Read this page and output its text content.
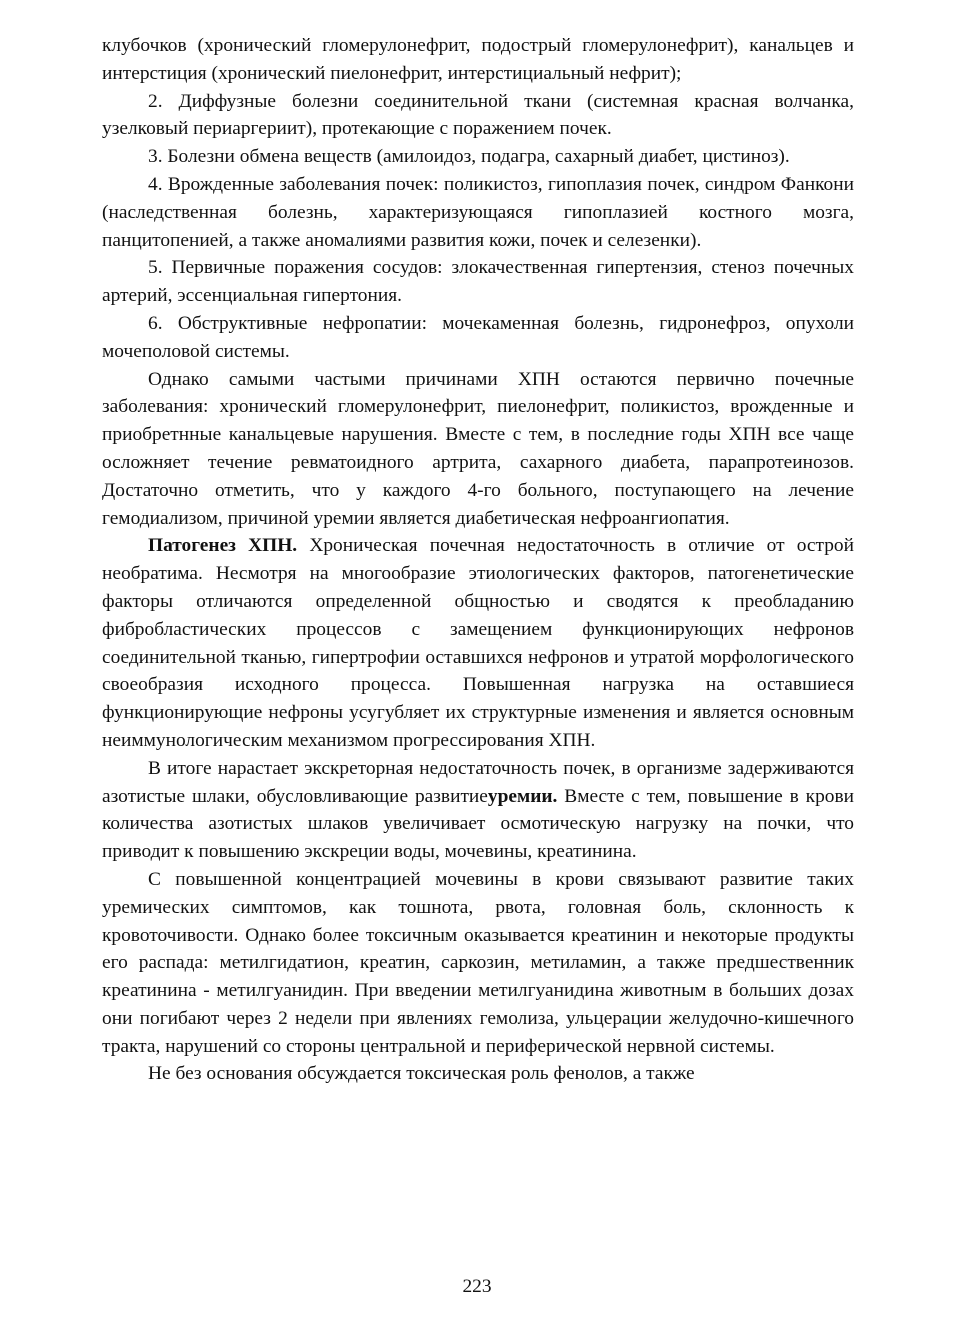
клубочков (хронический гломерулонефрит, подострый гломерулонефрит), канальцев и интерстиция (хронический пиелонефрит, интерстициальный нефрит);

2. Диффузные болезни соединительной ткани (системная красная волчанка, узелковый периаргериит), протекающие с поражением почек.

3. Болезни обмена веществ (амилоидоз, подагра, сахарный диабет, цистиноз).

4. Врожденные заболевания почек: поликистоз, гипоплазия почек, синдром Фанкони (наследственная болезнь, характеризующаяся гипоплазией костного мозга, панцитопенией, а также аномалиями развития кожи, почек и селезенки).

5. Первичные поражения сосудов: злокачественная гипертензия, стеноз почечных артерий, эссенциальная гипертония.

6. Обструктивные нефропатии: мочекаменная болезнь, гидронефроз, опухоли мочеполовой системы.

Однако самыми частыми причинами ХПН остаются первично почечные заболевания: хронический гломерулонефрит, пиелонефрит, поликистоз, врожденные и приобретнные канальцевые нарушения. Вместе с тем, в последние годы ХПН все чаще осложняет течение ревматоидного артрита, сахарного диабета, парапротеинозов. Достаточно отметить, что у каждого 4-го больного, поступающего на лечение гемодиализом, причиной уремии является диабетическая нефроангиопатия.

Патогенез ХПН. Хроническая почечная недостаточность в отличие от острой необратима. Несмотря на многообразие этиологических факторов, патогенетические факторы отличаются определенной общностью и сводятся к преобладанию фибробластических процессов с замещением функционирующих нефронов соединительной тканью, гипертрофии оставшихся нефронов и утратой морфологического своеобразия исходного процесса. Повышенная нагрузка на оставшиеся функционирующие нефроны усугубляет их структурные изменения и является основным неиммунологическим механизмом прогрессирования ХПН.

В итоге нарастает экскреторная недостаточность почек, в организме задерживаются азотистые шлаки, обусловливающие развитиеуремии. Вместе с тем, повышение в крови количества азотистых шлаков увеличивает осмотическую нагрузку на почки, что приводит к повышению экскреции воды, мочевины, креатинина.

С повышенной концентрацией мочевины в крови связывают развитие таких уремических симптомов, как тошнота, рвота, головная боль, склонность к кровоточивости. Однако более токсичным оказывается креатинин и некоторые продукты его распада: метилгидатион, креатин, саркозин, метиламин, а также предшественник креатинина - метилгуанидин. При введении метилгуанидина животным в больших дозах они погибают через 2 недели при явлениях гемолиза, ульцерации желудочно-кишечного тракта, нарушений со стороны центральной и периферической нервной системы.

Не без основания обсуждается токсическая роль фенолов, а также

223
